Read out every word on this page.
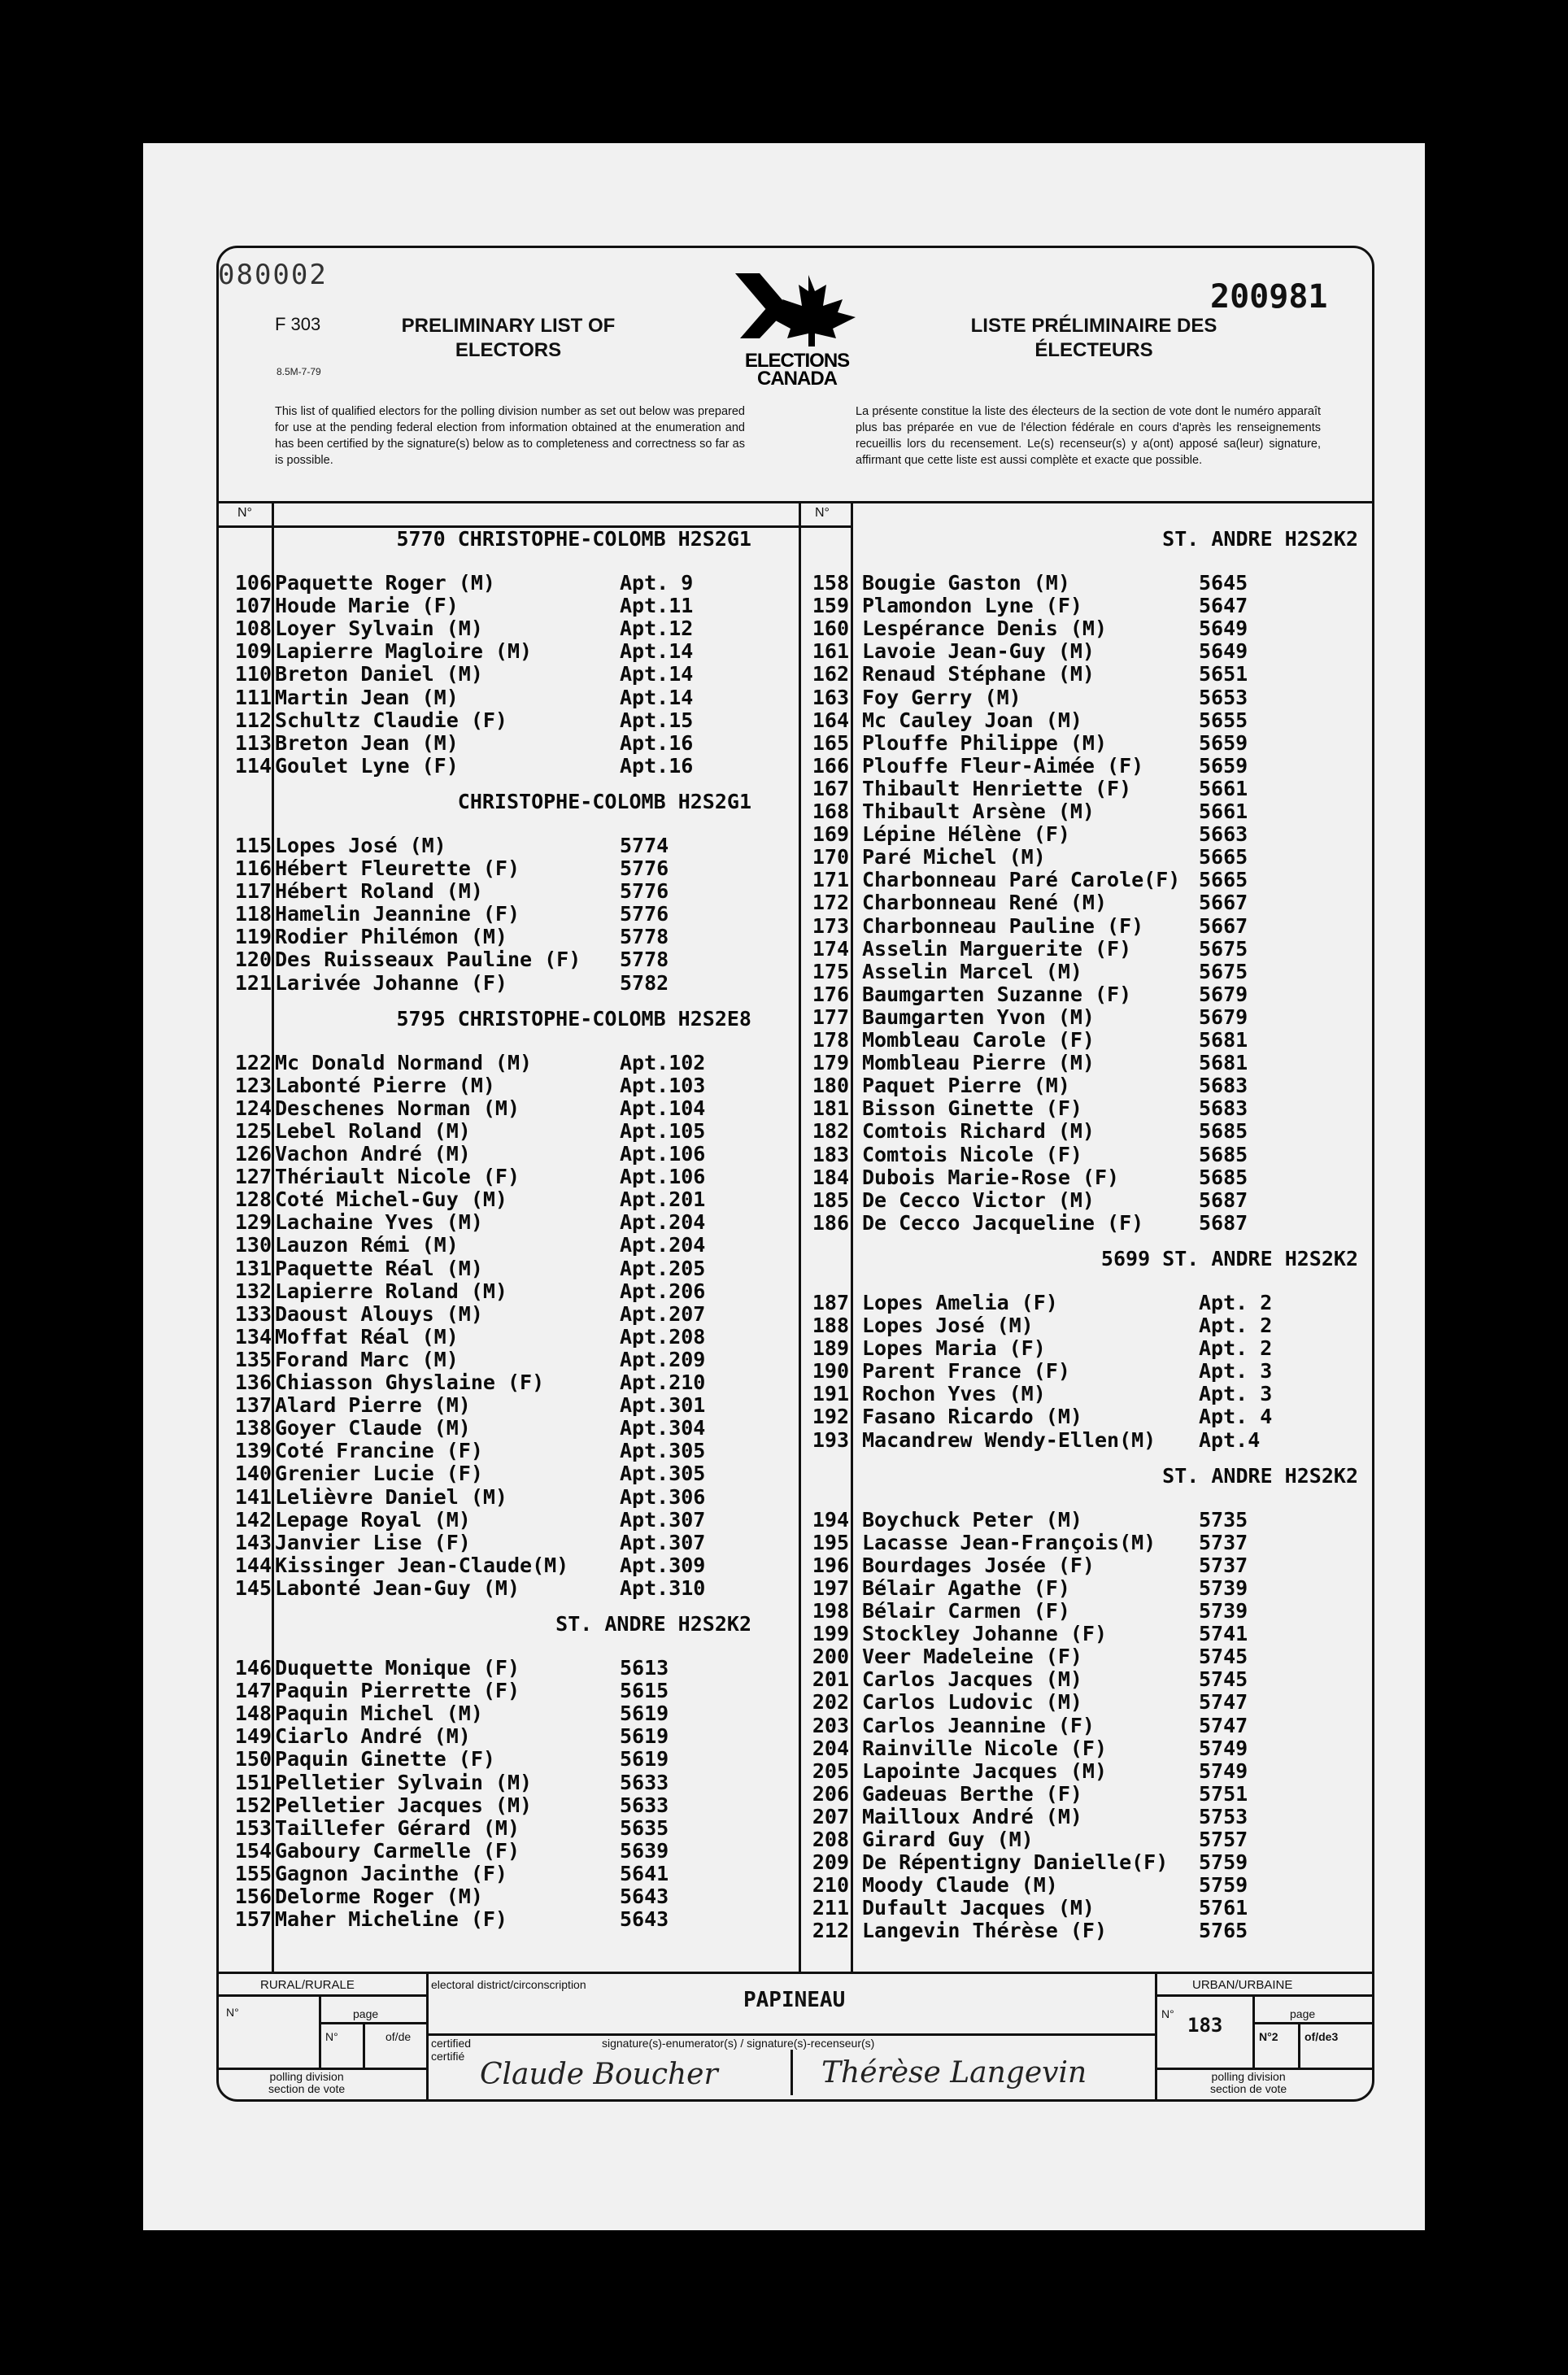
080002
200981
F 303
8.5M-7-79
PRELIMINARY LIST OF
ELECTORS
LISTE PRÉLIMINAIRE DES
ÉLECTEURS
ELECTIONS
CANADA
This list of qualified electors for the polling division number as set out below was prepared for use at the pending federal election from information obtained at the enumeration and has been certified by the signature(s) below as to completeness and correctness so far as is possible.
La présente constitue la liste des électeurs de la section de vote dont le numéro apparaît plus bas préparée en vue de l'élection fédérale en cours d'après les renseignements recueillis lors du recensement. Le(s) recenseur(s) y a(ont) apposé sa(leur) signature, affirmant que cette liste est aussi complète et exacte que possible.
N°	N°
5770 CHRISTOPHE-COLOMB H2S2G1
106 Paquette Roger (M)	Apt. 9
107 Houde Marie (F)	Apt.11
108 Loyer Sylvain (M)	Apt.12
109 Lapierre Magloire (M)	Apt.14
110 Breton Daniel (M)	Apt.14
111 Martin Jean (M)	Apt.14
112 Schultz Claudie (F)	Apt.15
113 Breton Jean (M)	Apt.16
114 Goulet Lyne (F)	Apt.16
CHRISTOPHE-COLOMB H2S2G1
115 Lopes José (M)	5774
116 Hébert Fleurette (F)	5776
117 Hébert Roland (M)	5776
118 Hamelin Jeannine (F)	5776
119 Rodier Philémon (M)	5778
120 Des Ruisseaux Pauline (F) 5778
121 Larivée Johanne (F)	5782
5795 CHRISTOPHE-COLOMB H2S2E8
122 Mc Donald Normand (M)	Apt.102
123 Labonté Pierre (M)	Apt.103
124 Deschenes Norman (M)	Apt.104
125 Lebel Roland (M)	Apt.105
126 Vachon André (M)	Apt.106
127 Thériault Nicole (F)	Apt.106
128 Coté Michel-Guy (M)	Apt.201
129 Lachaine Yves (M)	Apt.204
130 Lauzon Rémi (M)	Apt.204
131 Paquette Réal (M)	Apt.205
132 Lapierre Roland (M)	Apt.206
133 Daoust Alouys (M)	Apt.207
134 Moffat Réal (M)	Apt.208
135 Forand Marc (M)	Apt.209
136 Chiasson Ghyslaine (F)	Apt.210
137 Alard Pierre (M)	Apt.301
138 Goyer Claude (M)	Apt.304
139 Coté Francine (F)	Apt.305
140 Grenier Lucie (F)	Apt.305
141 Lelièvre Daniel (M)	Apt.306
142 Lepage Royal (M)	Apt.307
143 Janvier Lise (F)	Apt.307
144 Kissinger Jean-Claude(M)	Apt.309
145 Labonté Jean-Guy (M)	Apt.310
ST. ANDRE H2S2K2
146 Duquette Monique (F)	5613
147 Paquin Pierrette (F)	5615
148 Paquin Michel (M)	5619
149 Ciarlo André (M)	5619
150 Paquin Ginette (F)	5619
151 Pelletier Sylvain (M)	5633
152 Pelletier Jacques (M)	5633
153 Taillefer Gérard (M)	5635
154 Gaboury Carmelle (F)	5639
155 Gagnon Jacinthe (F)	5641
156 Delorme Roger (M)	5643
157 Maher Micheline (F)	5643
ST. ANDRE H2S2K2
158 Bougie Gaston (M)	5645
159 Plamondon Lyne (F)	5647
160 Lespérance Denis (M)	5649
161 Lavoie Jean-Guy (M)	5649
162 Renaud Stéphane (M)	5651
163 Foy Gerry (M)	5653
164 Mc Cauley Joan (M)	5655
165 Plouffe Philippe (M)	5659
166 Plouffe Fleur-Aimée (F)	5659
167 Thibault Henriette (F)	5661
168 Thibault Arsène (M)	5661
169 Lépine Hélène (F)	5663
170 Paré Michel (M)	5665
171 Charbonneau Paré Carole(F) 5665
172 Charbonneau René (M)	5667
173 Charbonneau Pauline (F)	5667
174 Asselin Marguerite (F)	5675
175 Asselin Marcel (M)	5675
176 Baumgarten Suzanne (F)	5679
177 Baumgarten Yvon (M)	5679
178 Mombleau Carole (F)	5681
179 Mombleau Pierre (M)	5681
180 Paquet Pierre (M)	5683
181 Bisson Ginette (F)	5683
182 Comtois Richard (M)	5685
183 Comtois Nicole (F)	5685
184 Dubois Marie-Rose (F)	5685
185 De Cecco Victor (M)	5687
186 De Cecco Jacqueline (F)	5687
5699 ST. ANDRE H2S2K2
187 Lopes Amelia (F)	Apt. 2
188 Lopes José (M)	Apt. 2
189 Lopes Maria (F)	Apt. 2
190 Parent France (F)	Apt. 3
191 Rochon Yves (M)	Apt. 3
192 Fasano Ricardo (M)	Apt. 4
193 Macandrew Wendy-Ellen(M) Apt.4
ST. ANDRE H2S2K2
194 Boychuck Peter (M)	5735
195 Lacasse Jean-François(M) 5737
196 Bourdages Josée (F)	5737
197 Bélair Agathe (F)	5739
198 Bélair Carmen (F)	5739
199 Stockley Johanne (F)	5741
200 Veer Madeleine (F)	5745
201 Carlos Jacques (M)	5745
202 Carlos Ludovic (M)	5747
203 Carlos Jeannine (F)	5747
204 Rainville Nicole (F)	5749
205 Lapointe Jacques (M)	5749
206 Gadeuas Berthe (F)	5751
207 Mailloux André (M)	5753
208 Girard Guy (M)	5757
209 De Répentigny Danielle(F) 5759
210 Moody Claude (M)	5759
211 Dufault Jacques (M)	5761
212 Langevin Thérèse (F)	5765
RURAL/RURALE
N°	page
N°	of/de
polling division
section de vote
electoral district/circonscription
PAPINEAU
certified
certifié
signature(s)-enumerator(s) / signature(s)-recenseur(s)
Claude Boucher	Thérèse Langevin
URBAN/URBAINE
N° 183	page
N°2 of/de3
polling division
section de vote
